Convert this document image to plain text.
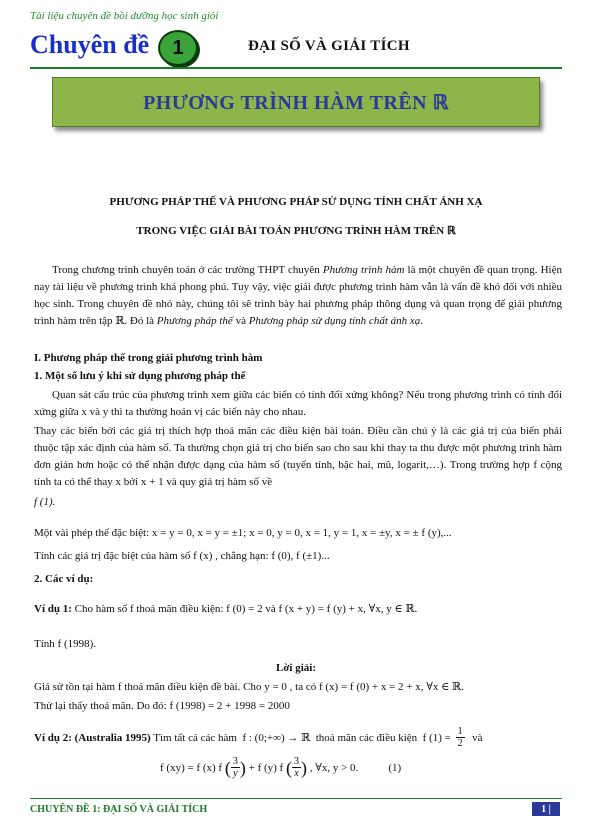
Tài liệu chuyên đề bồi dưỡng học sinh giỏi
Chuyên đề 1	ĐẠI SỐ VÀ GIẢI TÍCH
PHƯƠNG TRÌNH HÀM TRÊN ℝ
PHƯƠNG PHÁP THẾ VÀ PHƯƠNG PHÁP SỬ DỤNG TÍNH CHẤT ÁNH XẠ
TRONG VIỆC GIẢI BÀI TOÁN PHƯƠNG TRÌNH HÀM TRÊN ℝ
Trong chương trình chuyên toán ở các trường THPT chuyên Phương trình hàm là một chuyên đề quan trọng. Hiện nay tài liệu về phương trình khá phong phú. Tuy vậy, việc giải được phương trình hàm vẫn là vấn đề khó đối với nhiều học sinh. Trong chuyên đề nhỏ này, chúng tôi sẽ trình bày hai phương pháp thông dụng và quan trọng để giải phương trình hàm trên tập ℝ. Đó là Phương pháp thế và Phương pháp sử dụng tính chất ánh xạ.
I. Phương pháp thế trong giải phương trình hàm
1. Một số lưu ý khi sử dụng phương pháp thế
Quan sát cấu trúc của phương trình xem giữa các biến có tính đối xứng không? Nếu trong phương trình có tính đối xứng giữa x và y thì ta thường hoán vị các biến này cho nhau.
Thay các biến bởi các giá trị thích hợp thoả mãn các điều kiện bài toán. Điều cần chú ý là các giá trị của biến phải thuộc tập xác định của hàm số. Ta thường chọn giá trị cho biến sao cho sau khi thay ta thu được một phương trình hàm đơn giản hơn hoặc có thể nhận được dạng của hàm số (tuyến tính, bậc hai, mũ, logarit,…). Trong trường hợp f cộng tính ta có thể thay x bởi x + 1 và quy giá trị hàm số về
f (1).
Một vài phép thế đặc biệt: x = y = 0, x = y = ±1; x = 0, y = 0, x = 1, y = 1, x = ±y, x = ± f (y),...
Tính các giá trị đặc biệt của hàm số f (x) , chẳng hạn: f (0), f (±1)...
2. Các ví dụ:
Ví dụ 1: Cho hàm số f thoả mãn điều kiện: f (0) = 2 và f (x + y) = f (y) + x, ∀x, y ∈ ℝ.
Tính f (1998).
Lời giải:
Giả sử tồn tại hàm f thoả mãn điều kiện đề bài. Cho y = 0 , ta có f (x) = f (0) + x = 2 + x, ∀x ∈ ℝ.
Thử lại thấy thoả mãn. Do đó: f (1998) = 2 + 1998 = 2000
Ví dụ 2: (Australia 1995) Tìm tất cả các hàm  f : (0;+∞) → ℝ  thoả mãn các điều kiện  f $(1) = \frac{1}{2}$ và
f (xy) = f (x) f ( $\frac{3}{y}$ ) + f (y) f ( $\frac{3}{x}$ ) , ∀x, y > 0.	(1)
CHUYÊN ĐỀ 1: ĐẠI SỐ VÀ GIẢI TÍCH	1 |
